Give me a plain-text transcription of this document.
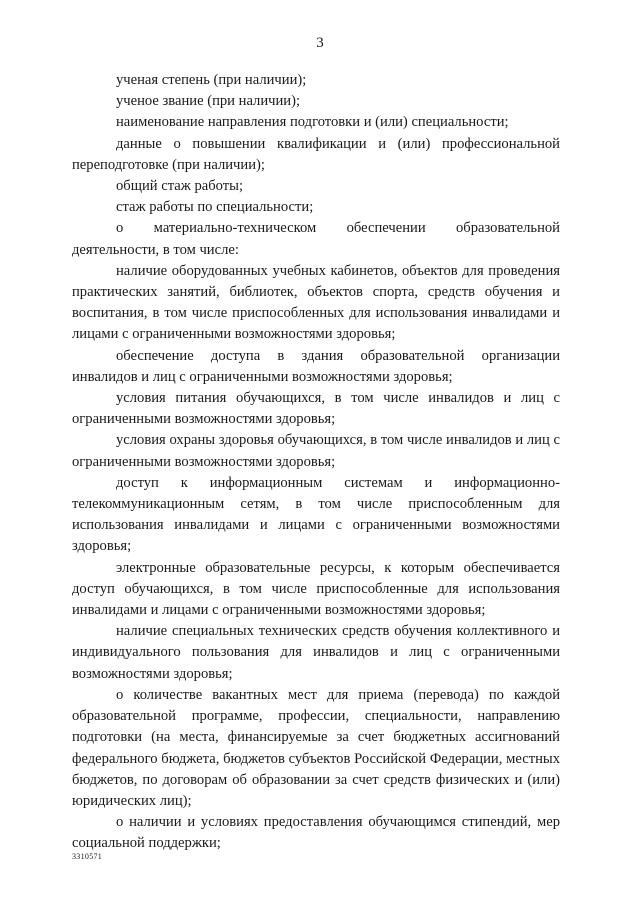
3

ученая степень (при наличии);

ученое звание (при наличии);

наименование направления подготовки и (или) специальности;

данные о повышении квалификации и (или) профессиональной переподготовке (при наличии);

общий стаж работы;

стаж работы по специальности;

о материально-техническом обеспечении образовательной деятельности, в том числе:

наличие оборудованных учебных кабинетов, объектов для проведения практических занятий, библиотек, объектов спорта, средств обучения и воспитания, в том числе приспособленных для использования инвалидами и лицами с ограниченными возможностями здоровья;

обеспечение доступа в здания образовательной организации инвалидов и лиц с ограниченными возможностями здоровья;

условия питания обучающихся, в том числе инвалидов и лиц с ограниченными возможностями здоровья;

условия охраны здоровья обучающихся, в том числе инвалидов и лиц с ограниченными возможностями здоровья;

доступ к информационным системам и информационно-телекоммуникационным сетям, в том числе приспособленным для использования инвалидами и лицами с ограниченными возможностями здоровья;

электронные образовательные ресурсы, к которым обеспечивается доступ обучающихся, в том числе приспособленные для использования инвалидами и лицами с ограниченными возможностями здоровья;

наличие специальных технических средств обучения коллективного и индивидуального пользования для инвалидов и лиц с ограниченными возможностями здоровья;

о количестве вакантных мест для приема (перевода) по каждой образовательной программе, профессии, специальности, направлению подготовки (на места, финансируемые за счет бюджетных ассигнований федерального бюджета, бюджетов субъектов Российской Федерации, местных бюджетов, по договорам об образовании за счет средств физических и (или) юридических лиц);

о наличии и условиях предоставления обучающимся стипендий, мер социальной поддержки;

3310571
